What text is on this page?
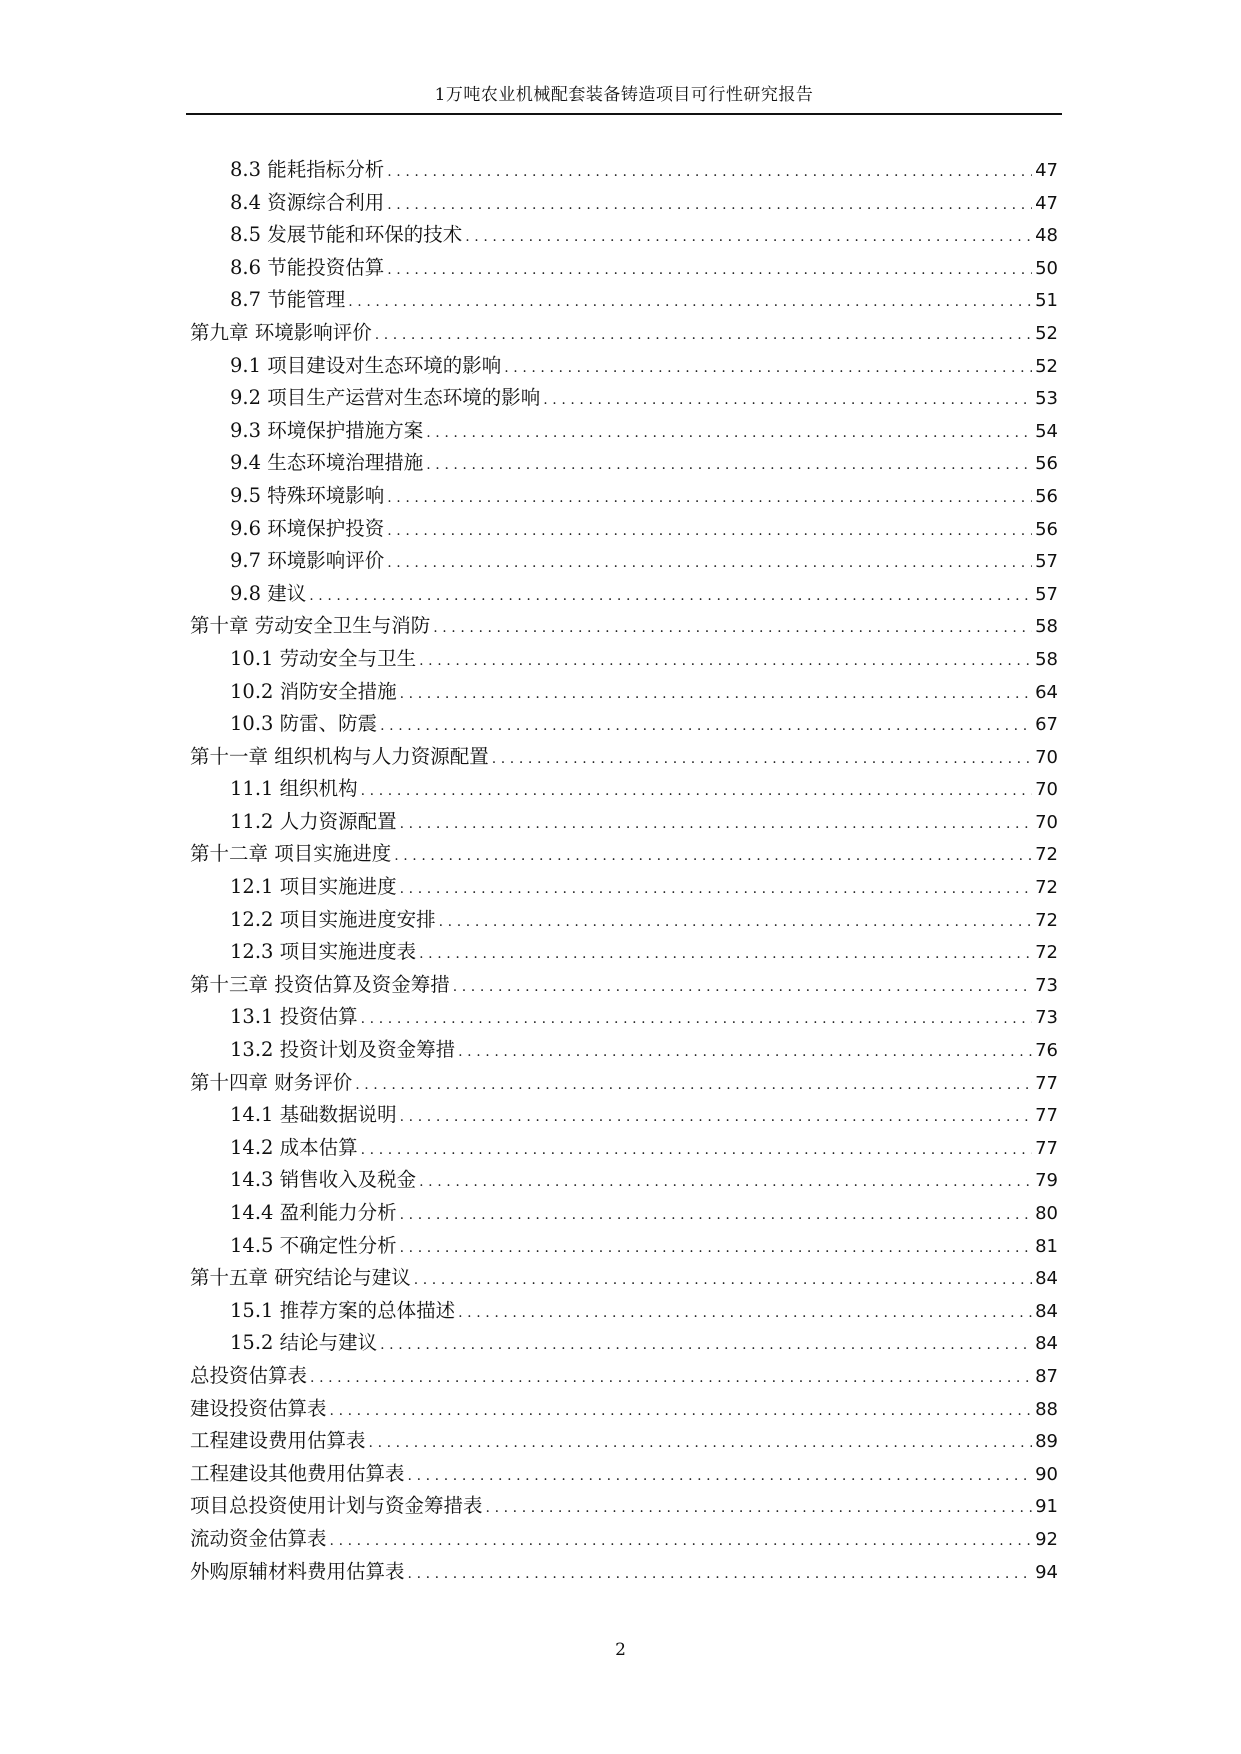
1万吨农业机械配套装备铸造项目可行性研究报告
8.3 能耗指标分析 .....	47
8.4 资源综合利用 .....	47
8.5 发展节能和环保的技术 .....	48
8.6 节能投资估算 .....	50
8.7 节能管理 .....	51
第九章 环境影响评价 .....	52
9.1 项目建设对生态环境的影响 .....	52
9.2 项目生产运营对生态环境的影响 .....	53
9.3 环境保护措施方案 .....	54
9.4 生态环境治理措施 .....	56
9.5 特殊环境影响 .....	56
9.6 环境保护投资 .....	56
9.7 环境影响评价 .....	57
9.8 建议 .....	57
第十章 劳动安全卫生与消防 .....	58
10.1 劳动安全与卫生 .....	58
10.2 消防安全措施 .....	64
10.3 防雷、防震 .....	67
第十一章 组织机构与人力资源配置 .....	70
11.1 组织机构 .....	70
11.2 人力资源配置 .....	70
第十二章 项目实施进度 .....	72
12.1 项目实施进度 .....	72
12.2 项目实施进度安排 .....	72
12.3 项目实施进度表 .....	72
第十三章 投资估算及资金筹措 .....	73
13.1 投资估算 .....	73
13.2 投资计划及资金筹措 .....	76
第十四章 财务评价 .....	77
14.1 基础数据说明 .....	77
14.2 成本估算 .....	77
14.3 销售收入及税金 .....	79
14.4 盈利能力分析 .....	80
14.5 不确定性分析 .....	81
第十五章 研究结论与建议 .....	84
15.1 推荐方案的总体描述 .....	84
15.2 结论与建议 .....	84
总投资估算表 .....	87
建设投资估算表 .....	88
工程建设费用估算表 .....	89
工程建设其他费用估算表 .....	90
项目总投资使用计划与资金筹措表 .....	91
流动资金估算表 .....	92
外购原辅材料费用估算表 .....	94
2
